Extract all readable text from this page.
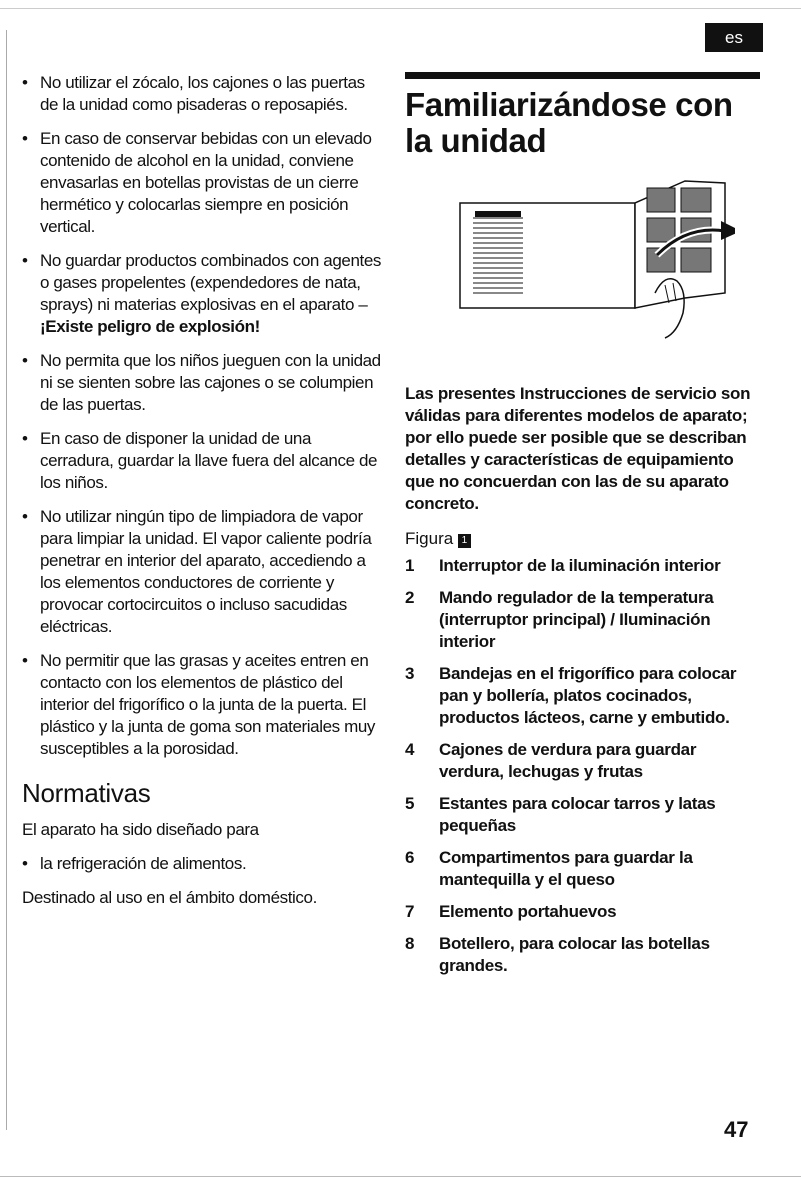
es
• No utilizar el zócalo, los cajones o las puertas de la unidad como pisaderas o reposapiés.
• En caso de conservar bebidas con un elevado contenido de alcohol en la unidad, conviene envasarlas en botellas provistas de un cierre hermético y colocarlas siempre en posición vertical.
• No guardar productos combinados con agentes o gases propelentes (expendedores de nata, sprays) ni materias explosivas en el aparato – ¡Existe peligro de explosión!
• No permita que los niños jueguen con la unidad ni se sienten sobre las cajones o se columpien de las puertas.
• En caso de disponer la unidad de una cerradura, guardar la llave fuera del alcance de los niños.
• No utilizar ningún tipo de limpiadora de vapor para limpiar la unidad. El vapor caliente podría penetrar en interior del aparato, accediendo a los elementos conductores de corriente y provocar cortocircuitos o incluso sacudidas eléctricas.
• No permitir que las grasas y aceites entren en contacto con los elementos de plástico del interior del frigorífico o la junta de la puerta. El plástico y la junta de goma son materiales muy susceptibles a la porosidad.
Normativas

El aparato ha sido diseñado para

• la refrigeración de alimentos.

Destinado al uso en el ámbito doméstico.

Familiarizándose con la unidad

Las presentes Instrucciones de servicio son válidas para diferentes modelos de aparato; por ello puede ser posible que se describan detalles y características de equipamiento que no concuerdan con las de su aparato concreto.

Figura 1
1 Interruptor de la iluminación interior
2 Mando regulador de la temperatura (interruptor principal) / Iluminación interior
3 Bandejas en el frigorífico para colocar pan y bollería, platos cocinados, productos lácteos, carne y embutido.
4 Cajones de verdura para guardar verdura, lechugas y frutas
5 Estantes para colocar tarros y latas pequeñas
6 Compartimentos para guardar la mantequilla y el queso
7 Elemento portahuevos
8 Botellero, para colocar las botellas grandes.
47
